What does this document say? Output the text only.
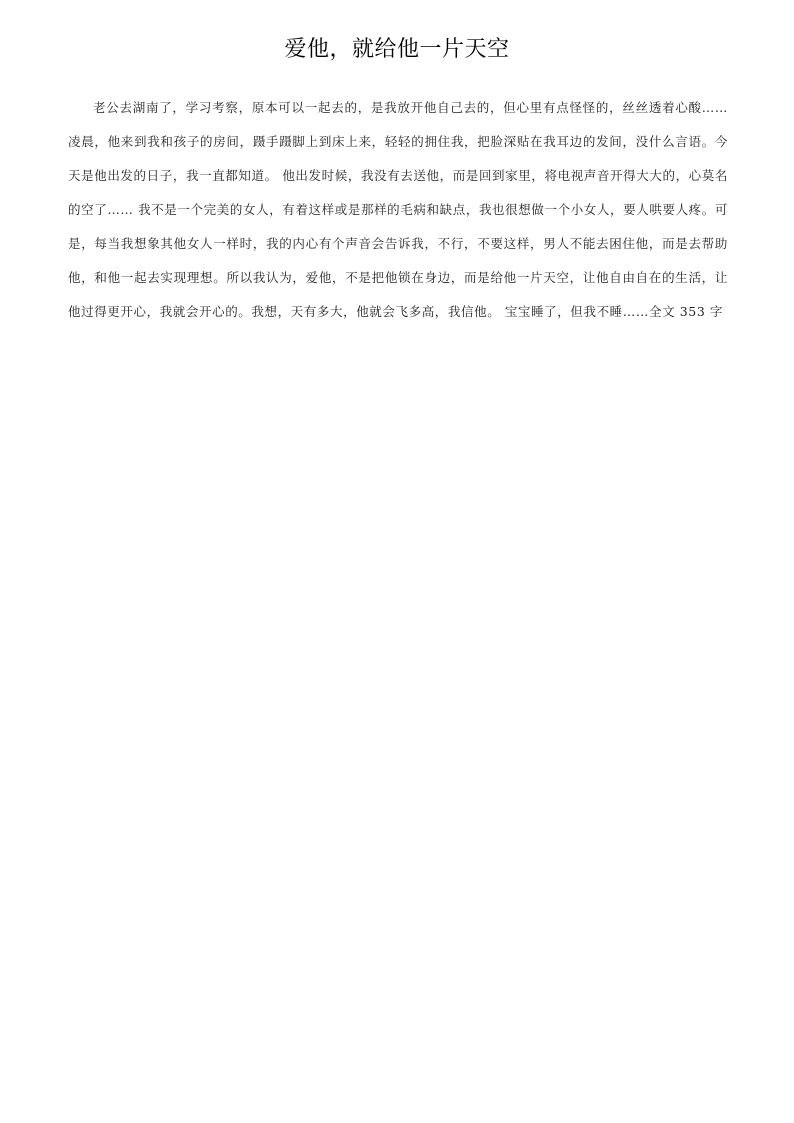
爱他，就给他一片天空

老公去湖南了，学习考察，原本可以一起去的，是我放开他自己去的，但心里有点怪怪的，丝丝透着心酸…… 凌晨，他来到我和孩子的房间，蹑手蹑脚上到床上来，轻轻的拥住我，把脸深贴在我耳边的发间，没什么言语。今天是他出发的日子，我一直都知道。 他出发时候，我没有去送他，而是回到家里，将电视声音开得大大的，心莫名的空了…… 我不是一个完美的女人，有着这样或是那样的毛病和缺点，我也很想做一个小女人，要人哄要人疼。可是，每当我想象其他女人一样时，我的内心有个声音会告诉我，不行，不要这样，男人不能去困住他，而是去帮助他，和他一起去实现理想。所以我认为，爱他，不是把他锁在身边，而是给他一片天空，让他自由自在的生活，让他过得更开心，我就会开心的。我想，天有多大，他就会飞多高，我信他。 宝宝睡了，但我不睡……全文 353 字
